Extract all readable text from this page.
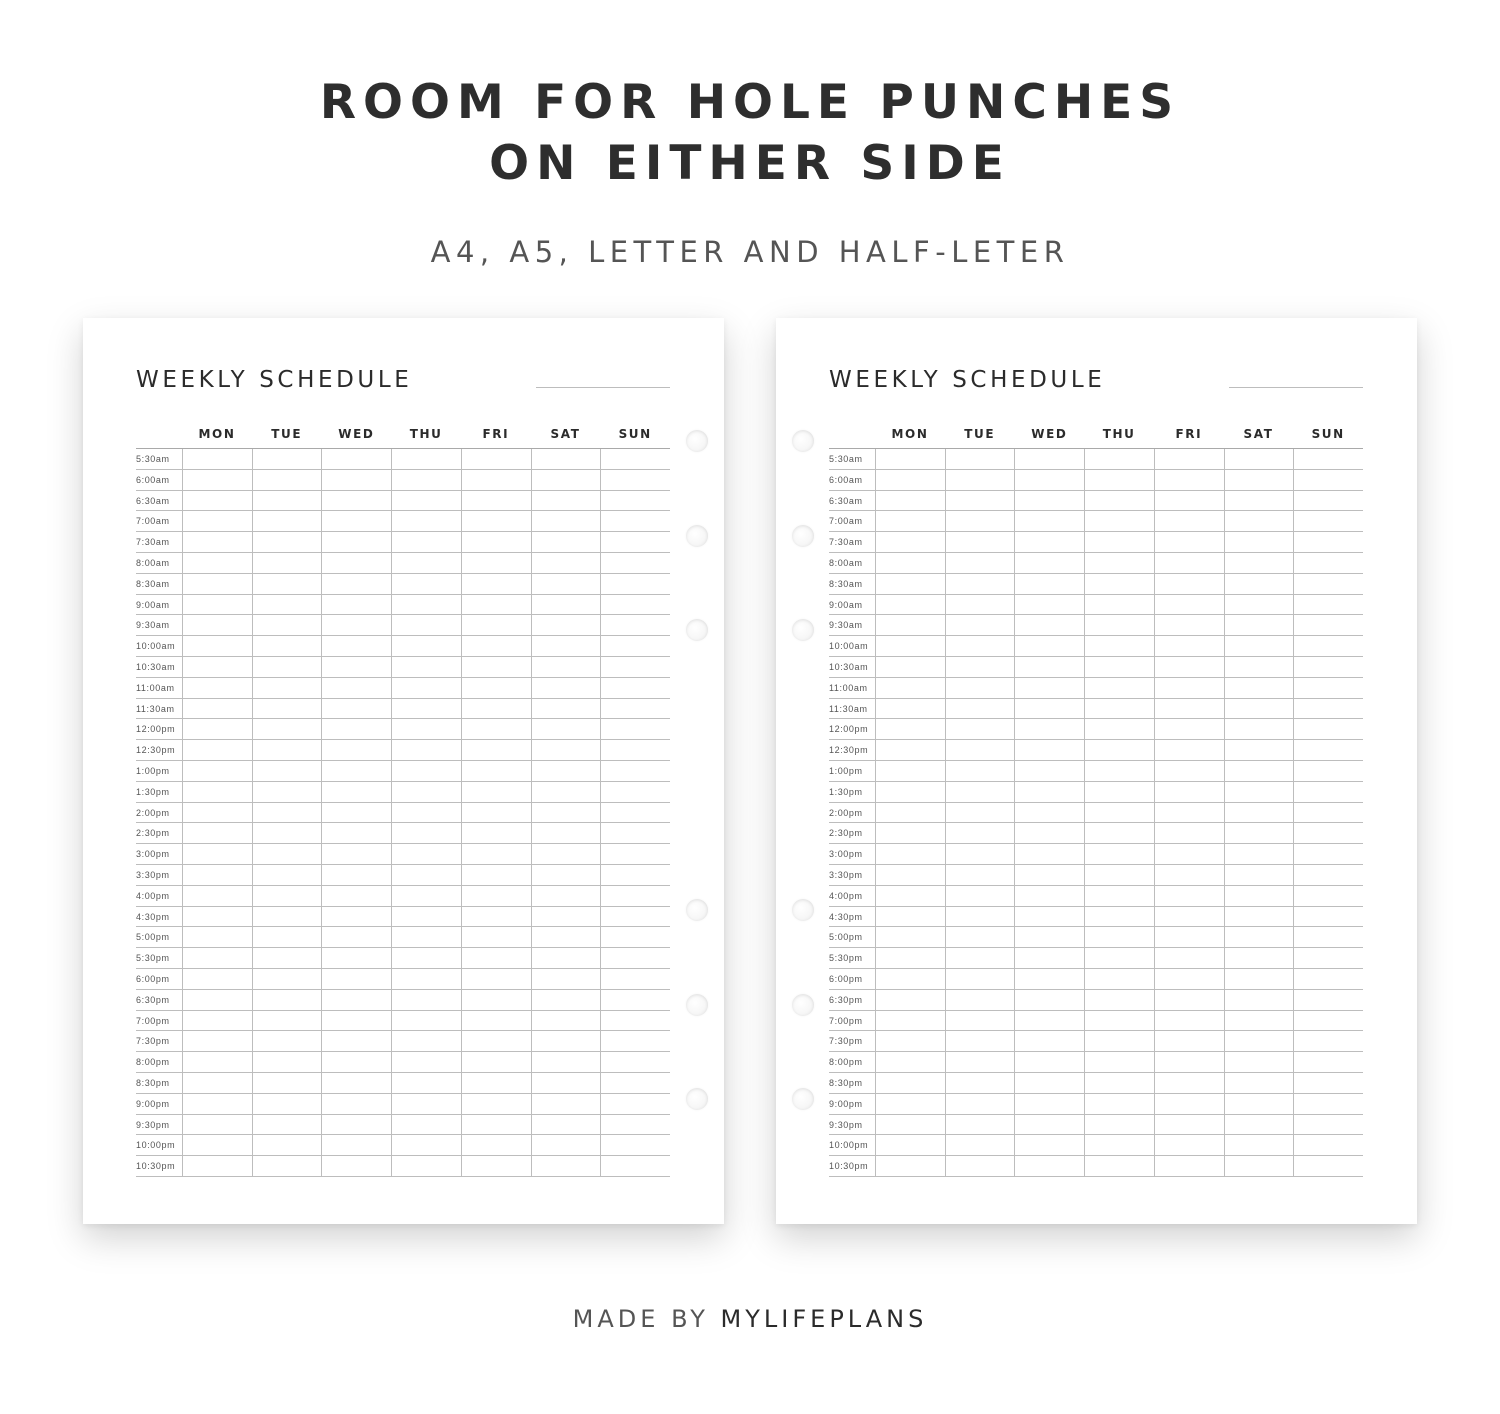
ROOM FOR HOLE PUNCHES
ON EITHER SIDE
A4, A5, LETTER AND HALF-LETER
WEEKLY SCHEDULE
MON	TUE	WED	THU	FRI	SAT	SUN
5:30am
6:00am
6:30am
7:00am
7:30am
8:00am
8:30am
9:00am
9:30am
10:00am
10:30am
11:00am
11:30am
12:00pm
12:30pm
1:00pm
1:30pm
2:00pm
2:30pm
3:00pm
3:30pm
4:00pm
4:30pm
5:00pm
5:30pm
6:00pm
6:30pm
7:00pm
7:30pm
8:00pm
8:30pm
9:00pm
9:30pm
10:00pm
10:30pm
WEEKLY SCHEDULE
MON	TUE	WED	THU	FRI	SAT	SUN
5:30am
6:00am
6:30am
7:00am
7:30am
8:00am
8:30am
9:00am
9:30am
10:00am
10:30am
11:00am
11:30am
12:00pm
12:30pm
1:00pm
1:30pm
2:00pm
2:30pm
3:00pm
3:30pm
4:00pm
4:30pm
5:00pm
5:30pm
6:00pm
6:30pm
7:00pm
7:30pm
8:00pm
8:30pm
9:00pm
9:30pm
10:00pm
10:30pm
MADE BY MYLIFEPLANS
